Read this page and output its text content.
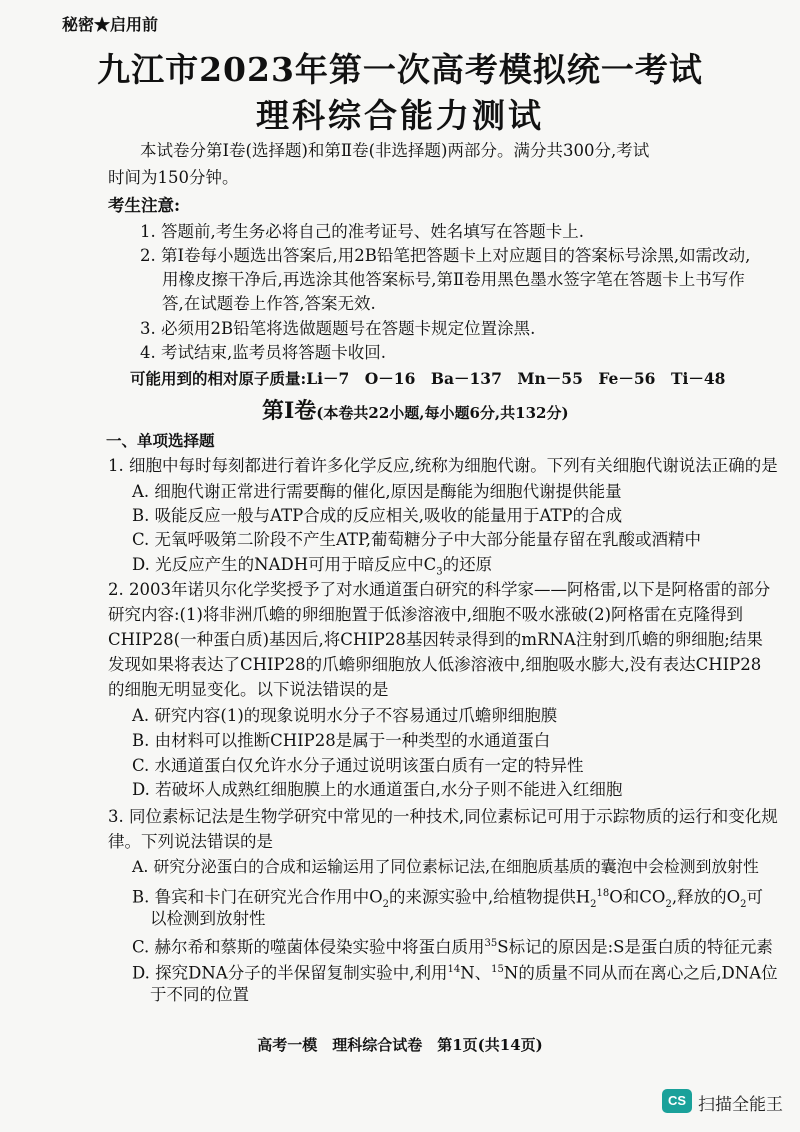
秘密★启用前
九江市2023年第一次高考模拟统一考试
理科综合能力测试
本试卷分第Ⅰ卷(选择题)和第Ⅱ卷(非选择题)两部分。满分共300分,考试
时间为150分钟。
考生注意:
1. 答题前,考生务必将自己的准考证号、姓名填写在答题卡上.
2. 第Ⅰ卷每小题选出答案后,用2B铅笔把答题卡上对应题目的答案标号涂黑,如需改动,
用橡皮擦干净后,再选涂其他答案标号,第Ⅱ卷用黑色墨水签字笔在答题卡上书写作
答,在试题卷上作答,答案无效.
3. 必须用2B铅笔将选做题题号在答题卡规定位置涂黑.
4. 考试结束,监考员将答题卡收回.
可能用到的相对原子质量:Li－7　O－16　Ba－137　Mn－55　Fe－56　Ti－48
第Ⅰ卷(本卷共22小题,每小题6分,共132分)
一、单项选择题
1. 细胞中每时每刻都进行着许多化学反应,统称为细胞代谢。下列有关细胞代谢说法正确的是
A. 细胞代谢正常进行需要酶的催化,原因是酶能为细胞代谢提供能量
B. 吸能反应一般与ATP合成的反应相关,吸收的能量用于ATP的合成
C. 无氧呼吸第二阶段不产生ATP,葡萄糖分子中大部分能量存留在乳酸或酒精中
D. 光反应产生的NADH可用于暗反应中$C_3$的还原
2. 2003年诺贝尔化学奖授予了对水通道蛋白研究的科学家——阿格雷,以下是阿格雷的部分
研究内容:(1)将非洲爪蟾的卵细胞置于低渗溶液中,细胞不吸水涨破(2)阿格雷在克隆得到
CHIP28(一种蛋白质)基因后,将CHIP28基因转录得到的mRNA注射到爪蟾的卵细胞;结果
发现如果将表达了CHIP28的爪蟾卵细胞放人低渗溶液中,细胞吸水膨大,没有表达CHIP28
的细胞无明显变化。以下说法错误的是
A. 研究内容(1)的现象说明水分子不容易通过爪蟾卵细胞膜
B. 由材料可以推断CHIP28是属于一种类型的水通道蛋白
C. 水通道蛋白仅允许水分子通过说明该蛋白质有一定的特异性
D. 若破坏人成熟红细胞膜上的水通道蛋白,水分子则不能进入红细胞
3. 同位素标记法是生物学研究中常见的一种技术,同位素标记可用于示踪物质的运行和变化规
律。下列说法错误的是
A. 研究分泌蛋白的合成和运输运用了同位素标记法,在细胞质基质的囊泡中会检测到放射性
B. 鲁宾和卡门在研究光合作用中$O_2$的来源实验中,给植物提供$H_2^{18}O$和$CO_2$,释放的$O_2$可
以检测到放射性
C. 赫尔希和蔡斯的噬菌体侵染实验中将蛋白质用$^{35}$S标记的原因是:S是蛋白质的特征元素
D. 探究DNA分子的半保留复制实验中,利用$^{14}$N、$^{15}$N的质量不同从而在离心之后,DNA位
于不同的位置
高考一模　理科综合试卷　第1页(共14页)
CS 扫描全能王
